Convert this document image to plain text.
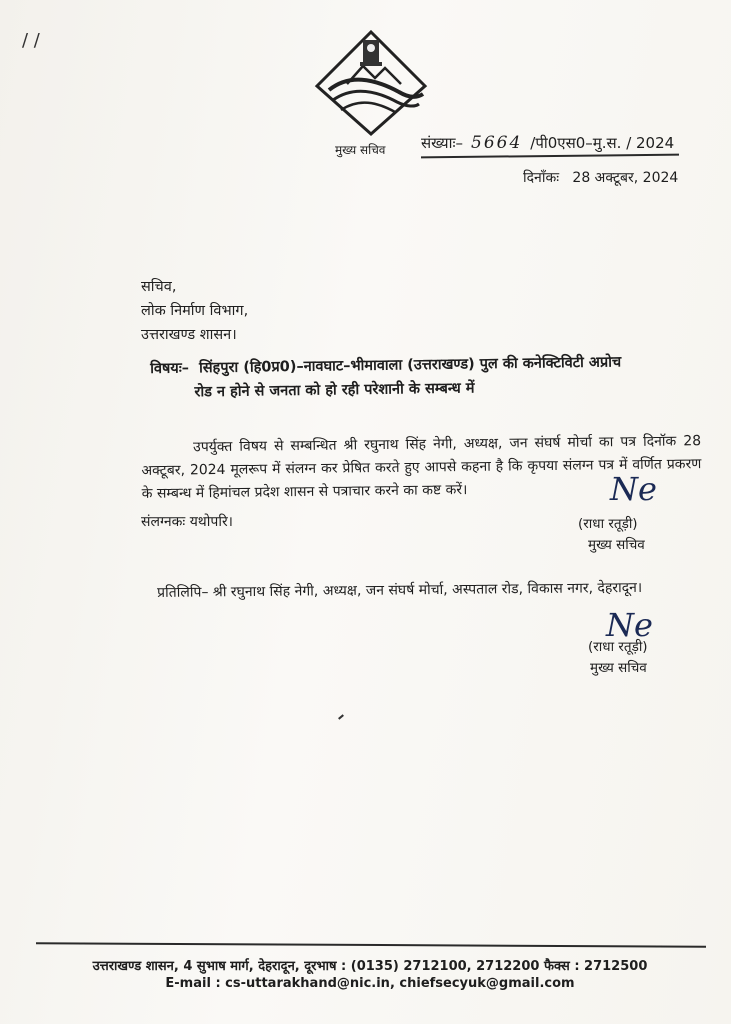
/ /
मुख्य सचिव संख्याः– 5664 /पी0एस0–मु.स. / 2024
दिनाँकः 28 अक्टूबर, 2024
सचिव,
लोक निर्माण विभाग,
उत्तराखण्ड शासन।
विषयः– सिंहपुरा (हि0प्र0)–नावघाट–भीमावाला (उत्तराखण्ड) पुल की कनेक्टिविटी अप्रोच
रोड न होने से जनता को हो रही परेशानी के सम्बन्ध में
उपर्युक्त विषय से सम्बन्धित श्री रघुनाथ सिंह नेगी, अध्यक्ष, जन संघर्ष मोर्चा का पत्र दिनॉक 28 अक्टूबर, 2024 मूलरूप में संलग्न कर प्रेषित करते हुए आपसे कहना है कि कृपया संलग्न पत्र में वर्णित प्रकरण के सम्बन्ध में हिमांचल प्रदेश शासन से पत्राचार करने का कष्ट करें।
संलग्नकः यथोपरि।
Ne
(राधा रतूड़ी)
मुख्य सचिव
प्रतिलिपि– श्री रघुनाथ सिंह नेगी, अध्यक्ष, जन संघर्ष मोर्चा, अस्पताल रोड, विकास नगर, देहरादून।
Ne
(राधा रतूड़ी)
मुख्य सचिव
उत्तराखण्ड शासन, 4 सुभाष मार्ग, देहरादून, दूरभाष : (0135) 2712100, 2712200 फैक्स : 2712500
E-mail : cs-uttarakhand@nic.in, chiefsecyuk@gmail.com
